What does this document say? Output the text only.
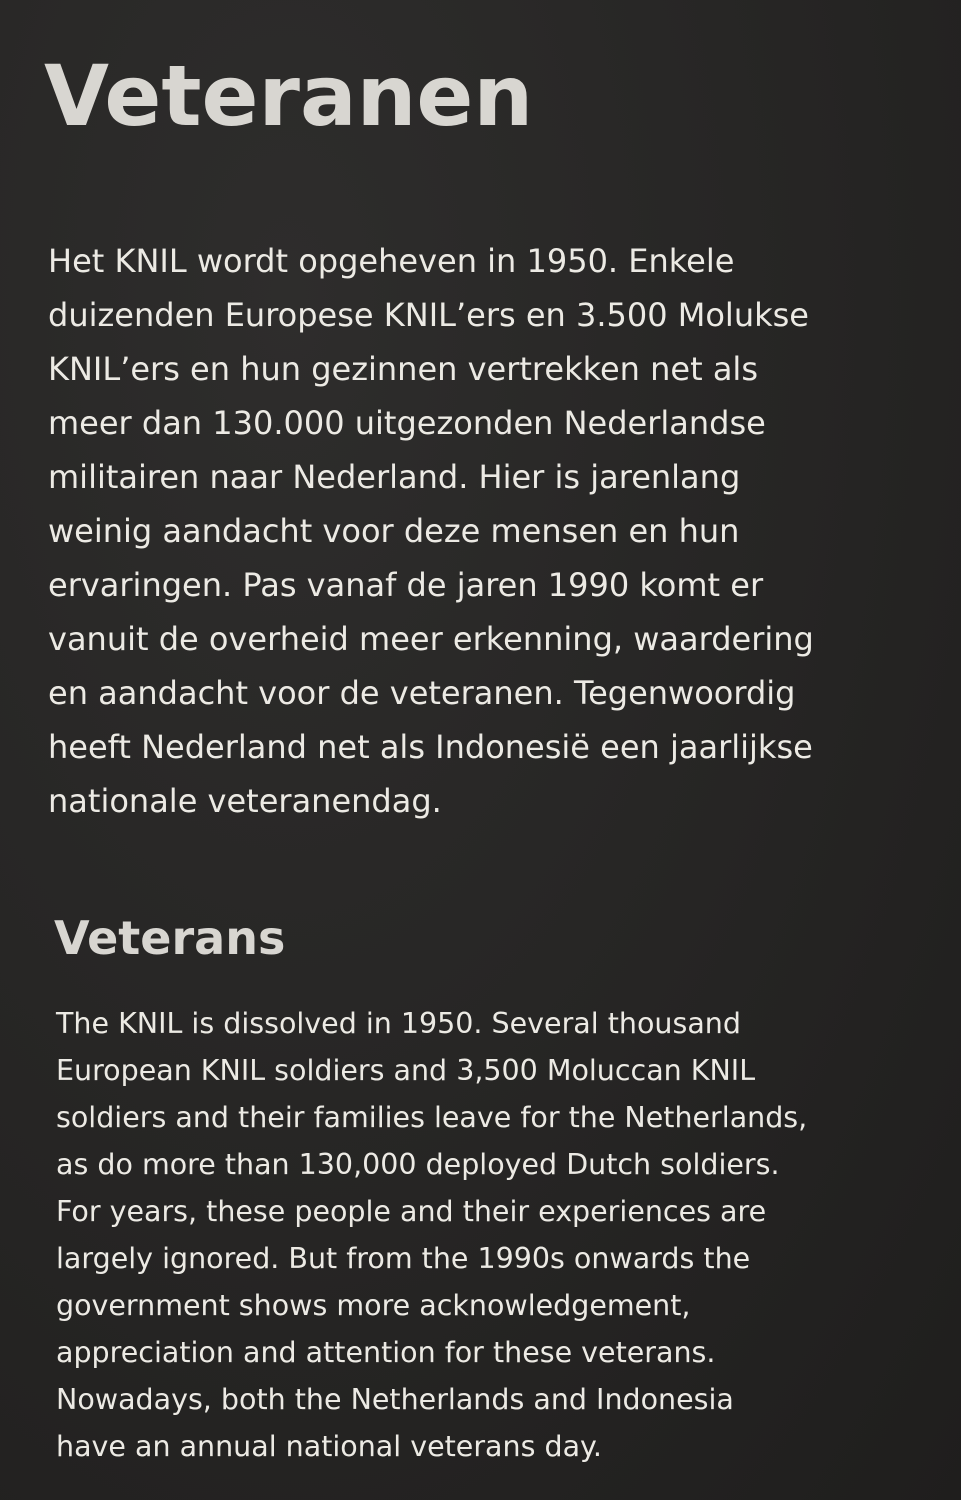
Veteranen

Het KNIL wordt opgeheven in 1950. Enkele
duizenden Europese KNIL’ers en 3.500 Molukse
KNIL’ers en hun gezinnen vertrekken net als
meer dan 130.000 uitgezonden Nederlandse
militairen naar Nederland. Hier is jarenlang
weinig aandacht voor deze mensen en hun
ervaringen. Pas vanaf de jaren 1990 komt er
vanuit de overheid meer erkenning, waardering
en aandacht voor de veteranen. Tegenwoordig
heeft Nederland net als Indonesië een jaarlijkse
nationale veteranendag.

Veterans

The KNIL is dissolved in 1950. Several thousand
European KNIL soldiers and 3,500 Moluccan KNIL
soldiers and their families leave for the Netherlands,
as do more than 130,000 deployed Dutch soldiers.
For years, these people and their experiences are
largely ignored. But from the 1990s onwards the
government shows more acknowledgement,
appreciation and attention for these veterans.
Nowadays, both the Netherlands and Indonesia
have an annual national veterans day.
